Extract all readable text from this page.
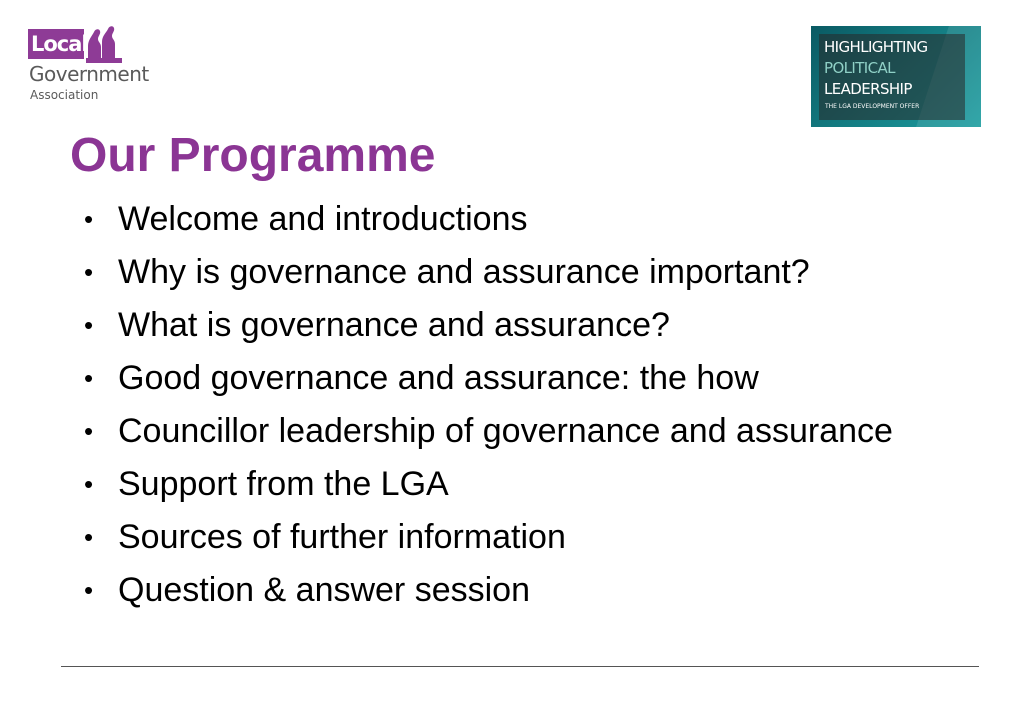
Local
Government
Association
HIGHLIGHTING
POLITICAL
LEADERSHIP
THE LGA DEVELOPMENT OFFER
Our Programme
• Welcome and introductions
• Why is governance and assurance important?
• What is governance and assurance?
• Good governance and assurance: the how
• Councillor leadership of governance and assurance
• Support from the LGA
• Sources of further information
• Question & answer session
